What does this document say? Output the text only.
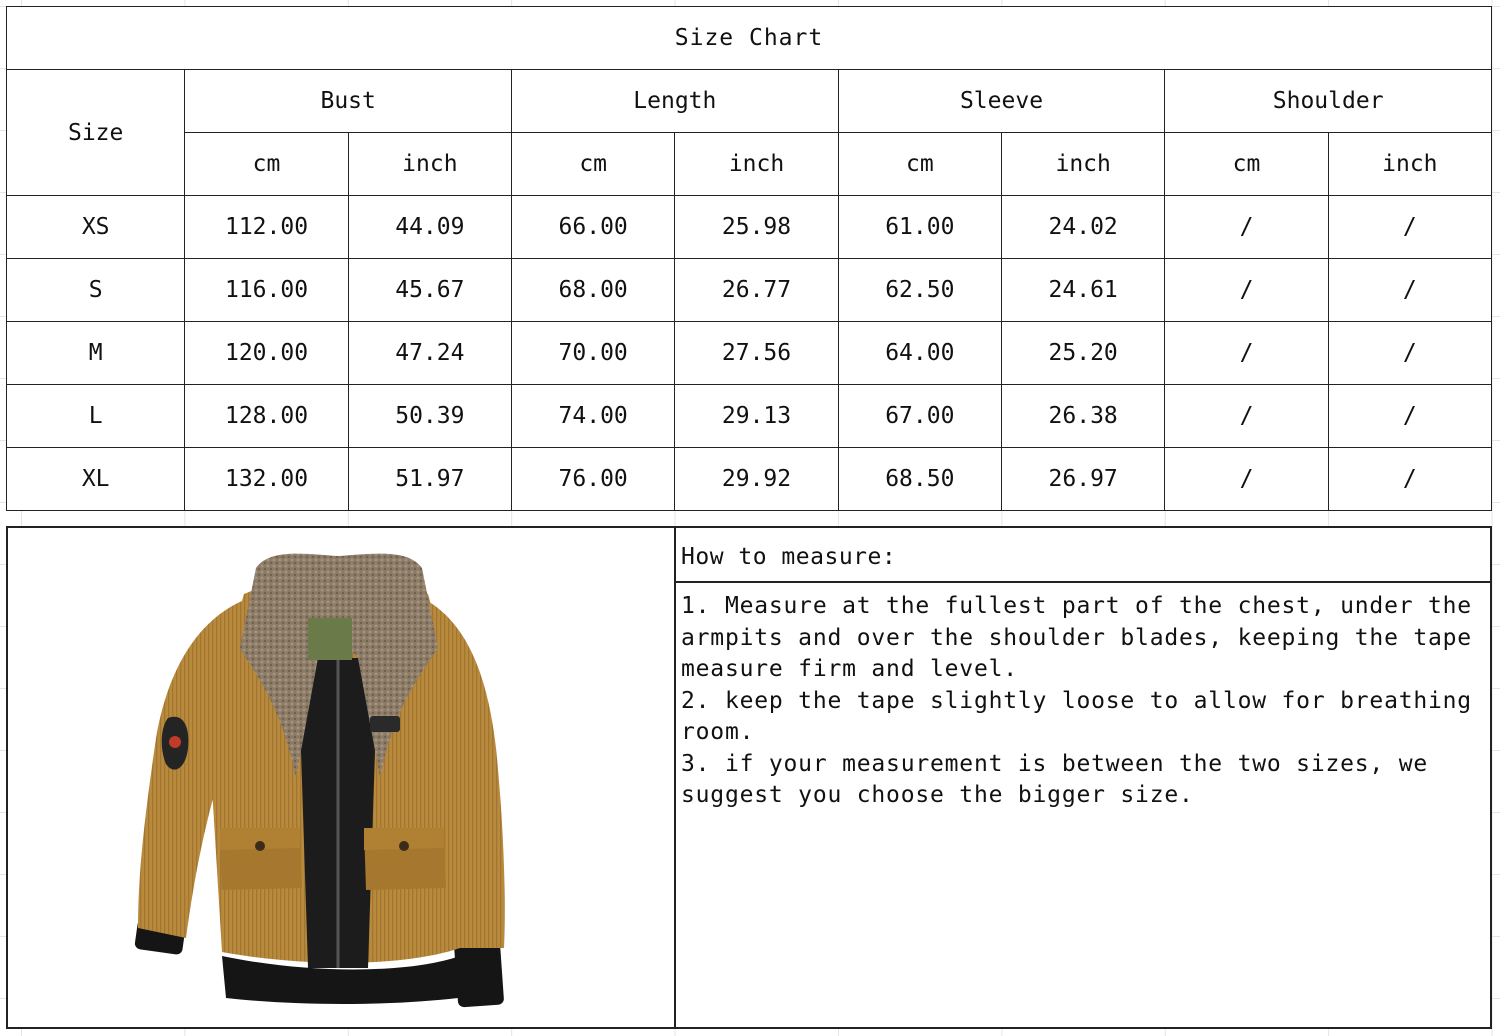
Size Chart								
Size	Bust		Length		Sleeve		Shoulder	
	cm	inch	cm	inch	cm	inch	cm	inch
XS	112.00	44.09	66.00	25.98	61.00	24.02	/	/
S	116.00	45.67	68.00	26.77	62.50	24.61	/	/
M	120.00	47.24	70.00	27.56	64.00	25.20	/	/
L	128.00	50.39	74.00	29.13	67.00	26.38	/	/
XL	132.00	51.97	76.00	29.92	68.50	26.97	/	/
How to measure:

1. Measure at the fullest part of the chest, under the armpits and over the shoulder blades, keeping the tape measure firm and level.

2. keep the tape slightly loose to allow for breathing room.

3. if your measurement is between the two sizes, we suggest you choose the bigger size.
